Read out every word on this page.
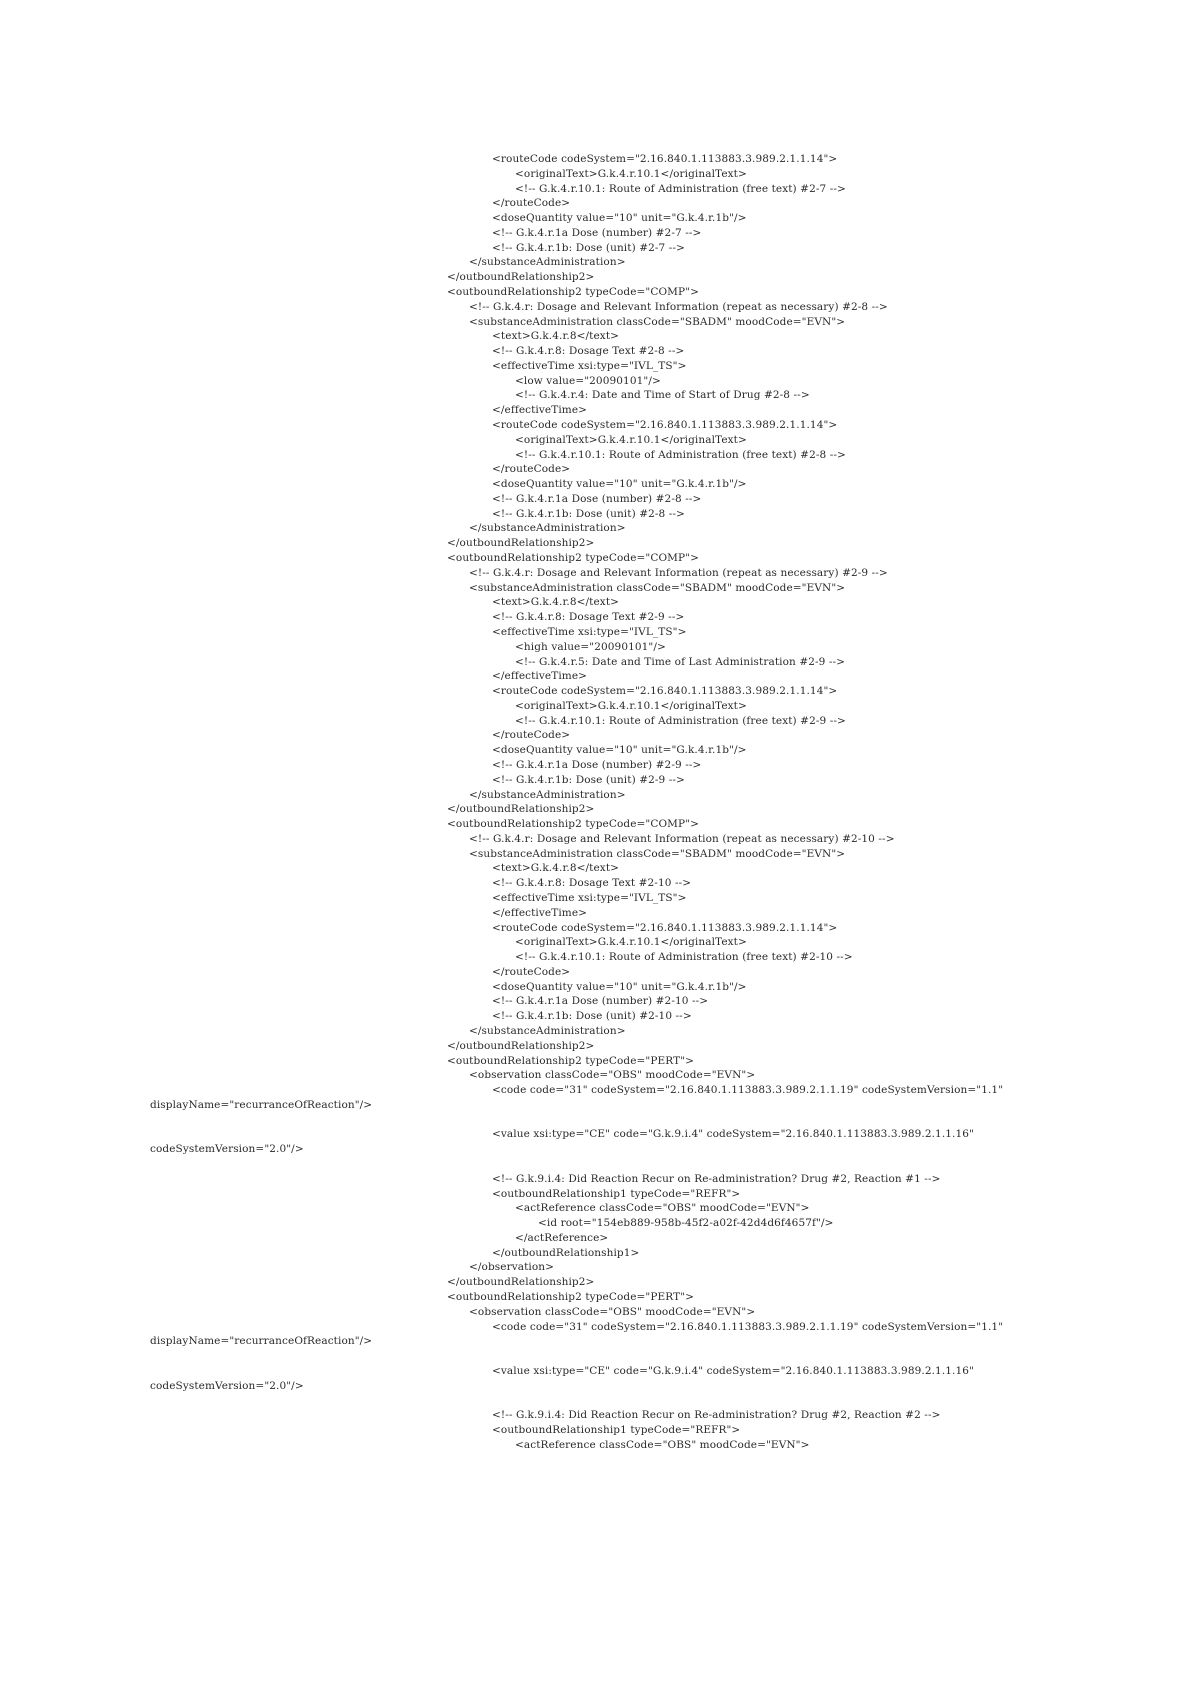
<routeCode codeSystem="2.16.840.1.113883.3.989.2.1.1.14">
<originalText>G.k.4.r.10.1</originalText>
<!-- G.k.4.r.10.1: Route of Administration (free text) #2-7 -->
</routeCode>
<doseQuantity value="10" unit="G.k.4.r.1b"/>
<!-- G.k.4.r.1a Dose (number) #2-7 -->
<!-- G.k.4.r.1b: Dose (unit) #2-7 -->
</substanceAdministration>
</outboundRelationship2>
<outboundRelationship2 typeCode="COMP">
<!-- G.k.4.r: Dosage and Relevant Information (repeat as necessary) #2-8 -->
<substanceAdministration classCode="SBADM" moodCode="EVN">
<text>G.k.4.r.8</text>
<!-- G.k.4.r.8: Dosage Text #2-8 -->
<effectiveTime xsi:type="IVL_TS">
<low value="20090101"/>
<!-- G.k.4.r.4: Date and Time of Start of Drug #2-8 -->
</effectiveTime>
<routeCode codeSystem="2.16.840.1.113883.3.989.2.1.1.14">
<originalText>G.k.4.r.10.1</originalText>
<!-- G.k.4.r.10.1: Route of Administration (free text) #2-8 -->
</routeCode>
<doseQuantity value="10" unit="G.k.4.r.1b"/>
<!-- G.k.4.r.1a Dose (number) #2-8 -->
<!-- G.k.4.r.1b: Dose (unit) #2-8 -->
</substanceAdministration>
</outboundRelationship2>
<outboundRelationship2 typeCode="COMP">
<!-- G.k.4.r: Dosage and Relevant Information (repeat as necessary) #2-9 -->
<substanceAdministration classCode="SBADM" moodCode="EVN">
<text>G.k.4.r.8</text>
<!-- G.k.4.r.8: Dosage Text #2-9 -->
<effectiveTime xsi:type="IVL_TS">
<high value="20090101"/>
<!-- G.k.4.r.5: Date and Time of Last Administration #2-9 -->
</effectiveTime>
<routeCode codeSystem="2.16.840.1.113883.3.989.2.1.1.14">
<originalText>G.k.4.r.10.1</originalText>
<!-- G.k.4.r.10.1: Route of Administration (free text) #2-9 -->
</routeCode>
<doseQuantity value="10" unit="G.k.4.r.1b"/>
<!-- G.k.4.r.1a Dose (number) #2-9 -->
<!-- G.k.4.r.1b: Dose (unit) #2-9 -->
</substanceAdministration>
</outboundRelationship2>
<outboundRelationship2 typeCode="COMP">
<!-- G.k.4.r: Dosage and Relevant Information (repeat as necessary) #2-10 -->
<substanceAdministration classCode="SBADM" moodCode="EVN">
<text>G.k.4.r.8</text>
<!-- G.k.4.r.8: Dosage Text #2-10 -->
<effectiveTime xsi:type="IVL_TS">
</effectiveTime>
<routeCode codeSystem="2.16.840.1.113883.3.989.2.1.1.14">
<originalText>G.k.4.r.10.1</originalText>
<!-- G.k.4.r.10.1: Route of Administration (free text) #2-10 -->
</routeCode>
<doseQuantity value="10" unit="G.k.4.r.1b"/>
<!-- G.k.4.r.1a Dose (number) #2-10 -->
<!-- G.k.4.r.1b: Dose (unit) #2-10 -->
</substanceAdministration>
</outboundRelationship2>
<outboundRelationship2 typeCode="PERT">
<observation classCode="OBS" moodCode="EVN">
<code code="31" codeSystem="2.16.840.1.113883.3.989.2.1.1.19" codeSystemVersion="1.1"
displayName="recurranceOfReaction"/>
<value xsi:type="CE" code="G.k.9.i.4" codeSystem="2.16.840.1.113883.3.989.2.1.1.16"
codeSystemVersion="2.0"/>
<!-- G.k.9.i.4: Did Reaction Recur on Re-administration? Drug #2, Reaction #1 -->
<outboundRelationship1 typeCode="REFR">
<actReference classCode="OBS" moodCode="EVN">
<id root="154eb889-958b-45f2-a02f-42d4d6f4657f"/>
</actReference>
</outboundRelationship1>
</observation>
</outboundRelationship2>
<outboundRelationship2 typeCode="PERT">
<observation classCode="OBS" moodCode="EVN">
<code code="31" codeSystem="2.16.840.1.113883.3.989.2.1.1.19" codeSystemVersion="1.1"
displayName="recurranceOfReaction"/>
<value xsi:type="CE" code="G.k.9.i.4" codeSystem="2.16.840.1.113883.3.989.2.1.1.16"
codeSystemVersion="2.0"/>
<!-- G.k.9.i.4: Did Reaction Recur on Re-administration? Drug #2, Reaction #2 -->
<outboundRelationship1 typeCode="REFR">
<actReference classCode="OBS" moodCode="EVN">
